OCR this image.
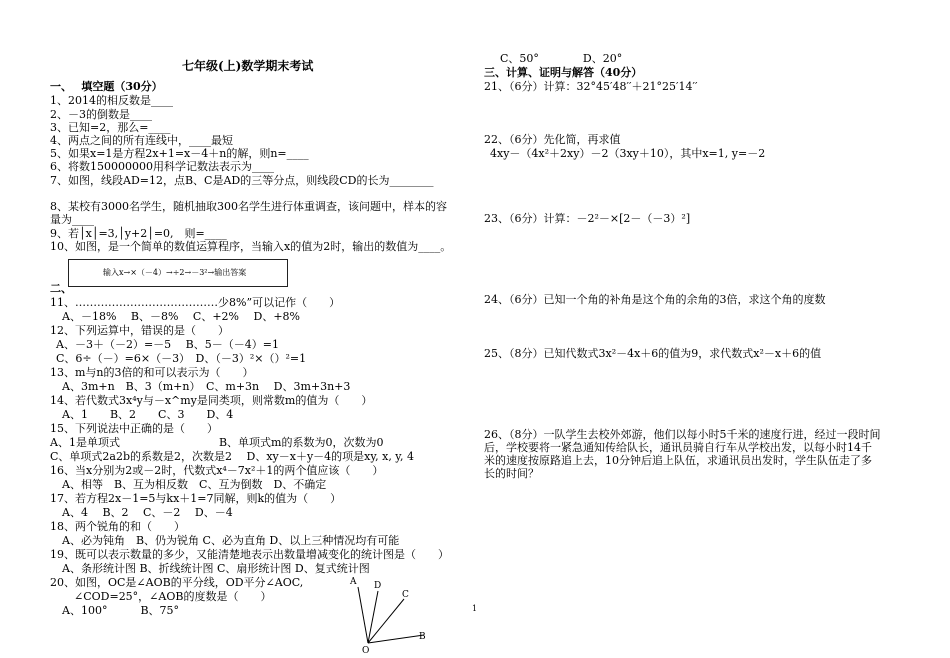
七年级(上)数学期末考试
一、　 填空题（30分）
1、2014的相反数是____
2、－3的倒数是____
3、已知=2，那么=____
4、两点之间的所有连线中，____最短
5、如果x=1是方程2x+1=x－4＋n的解，则n=____
6、将数150000000用科学记数法表示为____
7、如图，线段AD=12，点B、C是AD的三等分点，则线段CD的长为________
8、某校有3000名学生，随机抽取300名学生进行体重调查，该问题中，样本的容
量为____
9、若│x│=3,│y+2│=0,　则=____
10、如图，是一个简单的数值运算程序，当输入x的值为2时，输出的数值为____。
输入x→×（－4）→÷2→－3²→输出答案
二、
11、…………………………………少8%”可以记作（　　）
A、－18%　 B、－8%　 C、+2%　 D、+8%
12、下列运算中，错误的是（　　）
A、－3＋（－2）=－5　 B、5－（－4）=1
C、6÷（－）=6×（－3）　D、（－3）²×（）²=1
13、m与n的3倍的和可以表示为（　　）
A、3m+n　B、3（m+n）　C、m+3n　 D、3m+3n+3
14、若代数式3x⁴y与－x^my是同类项，则常数m的值为（　　）
A、1　　B、2　　C、3　　D、4
15、下列说法中正确的是（　　）
A、1是单项式　　　　　　　　　B、单项式m的系数为0，次数为0
C、单项式2a2b的系数是2，次数是2　 D、xy－x＋y－4的项是xy, x, y, 4
16、当x分别为2或－2时，代数式x⁴－7x²＋1的两个值应该（　　）
A、相等　B、互为相反数　C、互为倒数　D、不确定
17、若方程2x－1=5与kx＋1=7同解，则k的值为（　　）
A、4　 B、2　 C、－2　 D、－4
18、两个锐角的和（　　）
A、必为钝角　B、仍为锐角 C、必为直角 D、以上三种情况均有可能
19、既可以表示数量的多少，又能清楚地表示出数量增减变化的统计图是（　　）
A、条形统计图 B、折线统计图 C、扇形统计图 D、复式统计图
20、如图，OC是∠AOB的平分线，OD平分∠AOC,
∠COD=25°，∠AOB的度数是（　　）
A、100°　　　B、75°
A D
C
B
O
1
C、50°　　　　D、20°
三、计算、证明与解答（40分）
21、（6分）计算：32°45′48′′＋21°25′14′′
22、（6分）先化简，再求值
4xy－（4x²＋2xy）－2（3xy＋10），其中x=1, y=－2
23、（6分）计算：－2²－×[2－（－3）²]
24、（6分）已知一个角的补角是这个角的余角的3倍，求这个角的度数
25、（8分）已知代数式3x²－4x＋6的值为9，求代数式x²－x＋6的值
26、（8分）一队学生去校外郊游，他们以每小时5千米的速度行进，经过一段时间
后，学校要将一紧急通知传给队长，通讯员骑自行车从学校出发，以每小时14千
米的速度按原路追上去，10分钟后追上队伍，求通讯员出发时，学生队伍走了多
长的时间？
